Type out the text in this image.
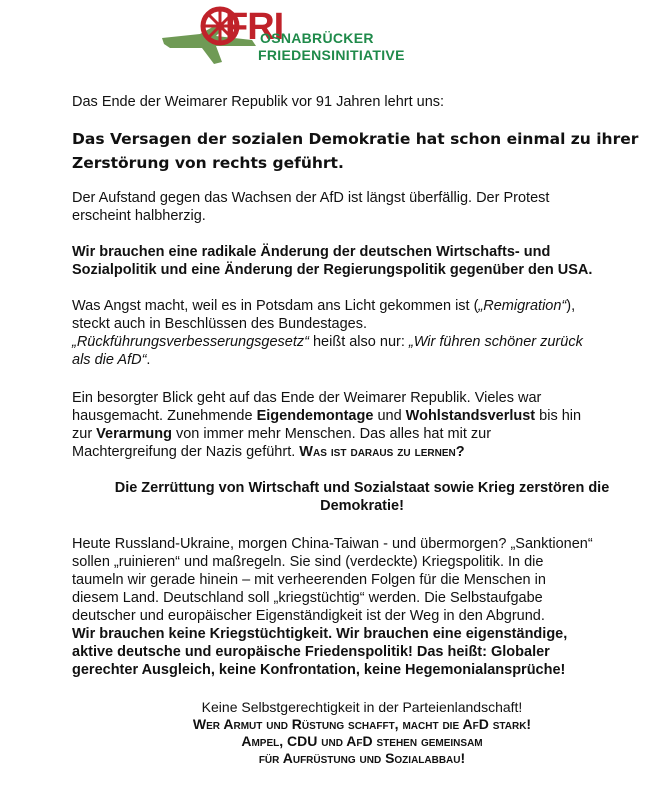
FRI
OSNABRÜCKER
FRIEDENSINITIATIVE

Das Ende der Weimarer Republik vor 91 Jahren lehrt uns:

Das Versagen der sozialen Demokratie hat schon einmal zu ihrer
Zerstörung von rechts geführt.

Der Aufstand gegen das Wachsen der AfD ist längst überfällig. Der Protest
erscheint halbherzig.

Wir brauchen eine radikale Änderung der deutschen Wirtschafts- und
Sozialpolitik und eine Änderung der Regierungspolitik gegenüber den USA.

Was Angst macht, weil es in Potsdam ans Licht gekommen ist („Remigration“),
steckt auch in Beschlüssen des Bundestages.
„Rückführungsverbesserungsgesetz“ heißt also nur: „Wir führen schöner zurück
als die AfD“.

Ein besorgter Blick geht auf das Ende der Weimarer Republik. Vieles war
hausgemacht. Zunehmende Eigendemontage und Wohlstandsverlust bis hin
zur Verarmung von immer mehr Menschen. Das alles hat mit zur
Machtergreifung der Nazis geführt. Was ist daraus zu lernen?

Die Zerrüttung von Wirtschaft und Sozialstaat sowie Krieg zerstören die
Demokratie!

Heute Russland-Ukraine, morgen China-Taiwan - und übermorgen? „Sanktionen“
sollen „ruinieren“ und maßregeln. Sie sind (verdeckte) Kriegspolitik. In die
taumeln wir gerade hinein – mit verheerenden Folgen für die Menschen in
diesem Land. Deutschland soll „kriegstüchtig“ werden. Die Selbstaufgabe
deutscher und europäischer Eigenständigkeit ist der Weg in den Abgrund.
Wir brauchen keine Kriegstüchtigkeit. Wir brauchen eine eigenständige,
aktive deutsche und europäische Friedenspolitik! Das heißt: Globaler
gerechter Ausgleich, keine Konfrontation, keine Hegemonialansprüche!

Keine Selbstgerechtigkeit in der Parteienlandschaft!

Wer Armut und Rüstung schafft, macht die AfD stark!

Ampel, CDU und AfD stehen gemeinsam

für Aufrüstung und Sozialabbau!
